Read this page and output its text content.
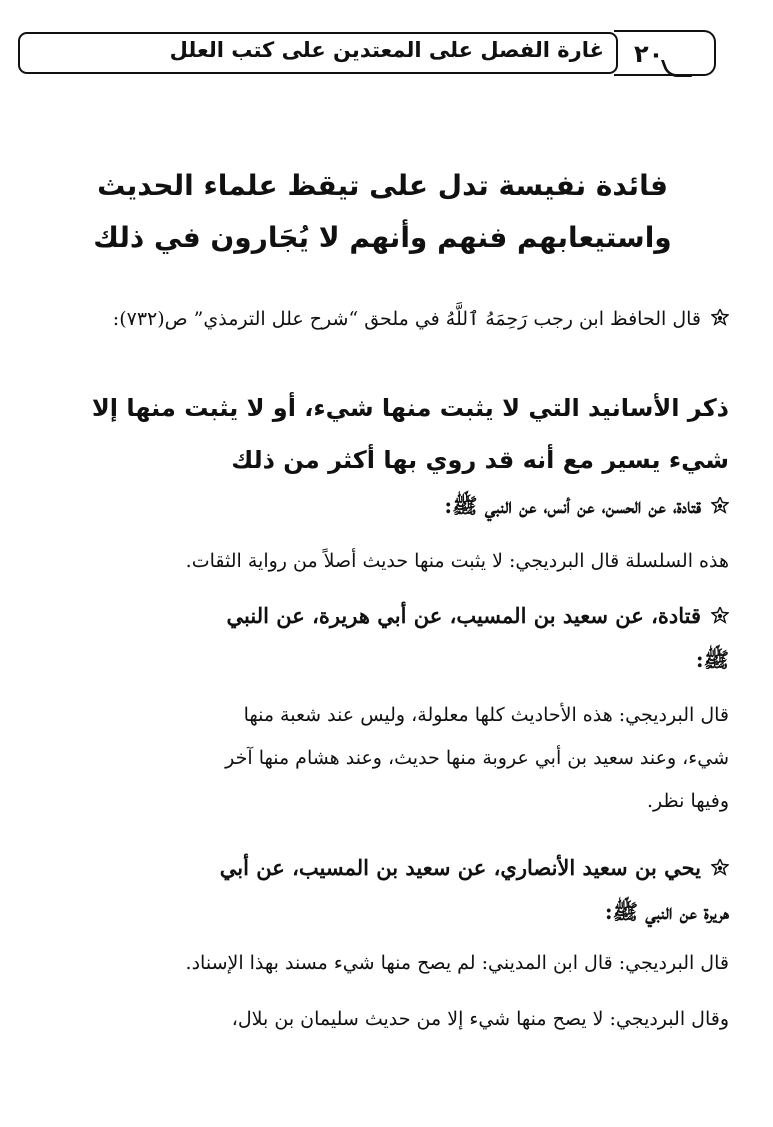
غارة الفصل على المعتدين على كتب العلل ٢٠
فائدة نفيسة تدل على تيقظ علماء الحديث
واستيعابهم فنهم وأنهم لا يُجَارون في ذلك
قال الحافظ ابن رجب رَحِمَهُ ٱللَّهُ في ملحق “شرح علل الترمذي” ص(٧٣٢):
ذكر الأسانيد التي لا يثبت منها شيء، أو لا يثبت منها إلا
شيء يسير مع أنه قد روي بها أكثر من ذلك
قتادة، عن الحسن، عن أنس، عن النبي ﷺ:
هذه السلسلة قال البرديجي: لا يثبت منها حديث أصلاً من رواية الثقات.
قتادة، عن سعيد بن المسيب، عن أبي هريرة، عن النبي
ﷺ:
قال البرديجي: هذه الأحاديث كلها معلولة، وليس عند شعبة منها
شيء، وعند سعيد بن أبي عروبة منها حديث، وعند هشام منها آخر
وفيها نظر.
يحي بن سعيد الأنصاري، عن سعيد بن المسيب، عن أبي
هريرة عن النبي ﷺ:
قال البرديجي: قال ابن المديني: لم يصح منها شيء مسند بهذا الإسناد.
وقال البرديجي: لا يصح منها شيء إلا من حديث سليمان بن بلال،
